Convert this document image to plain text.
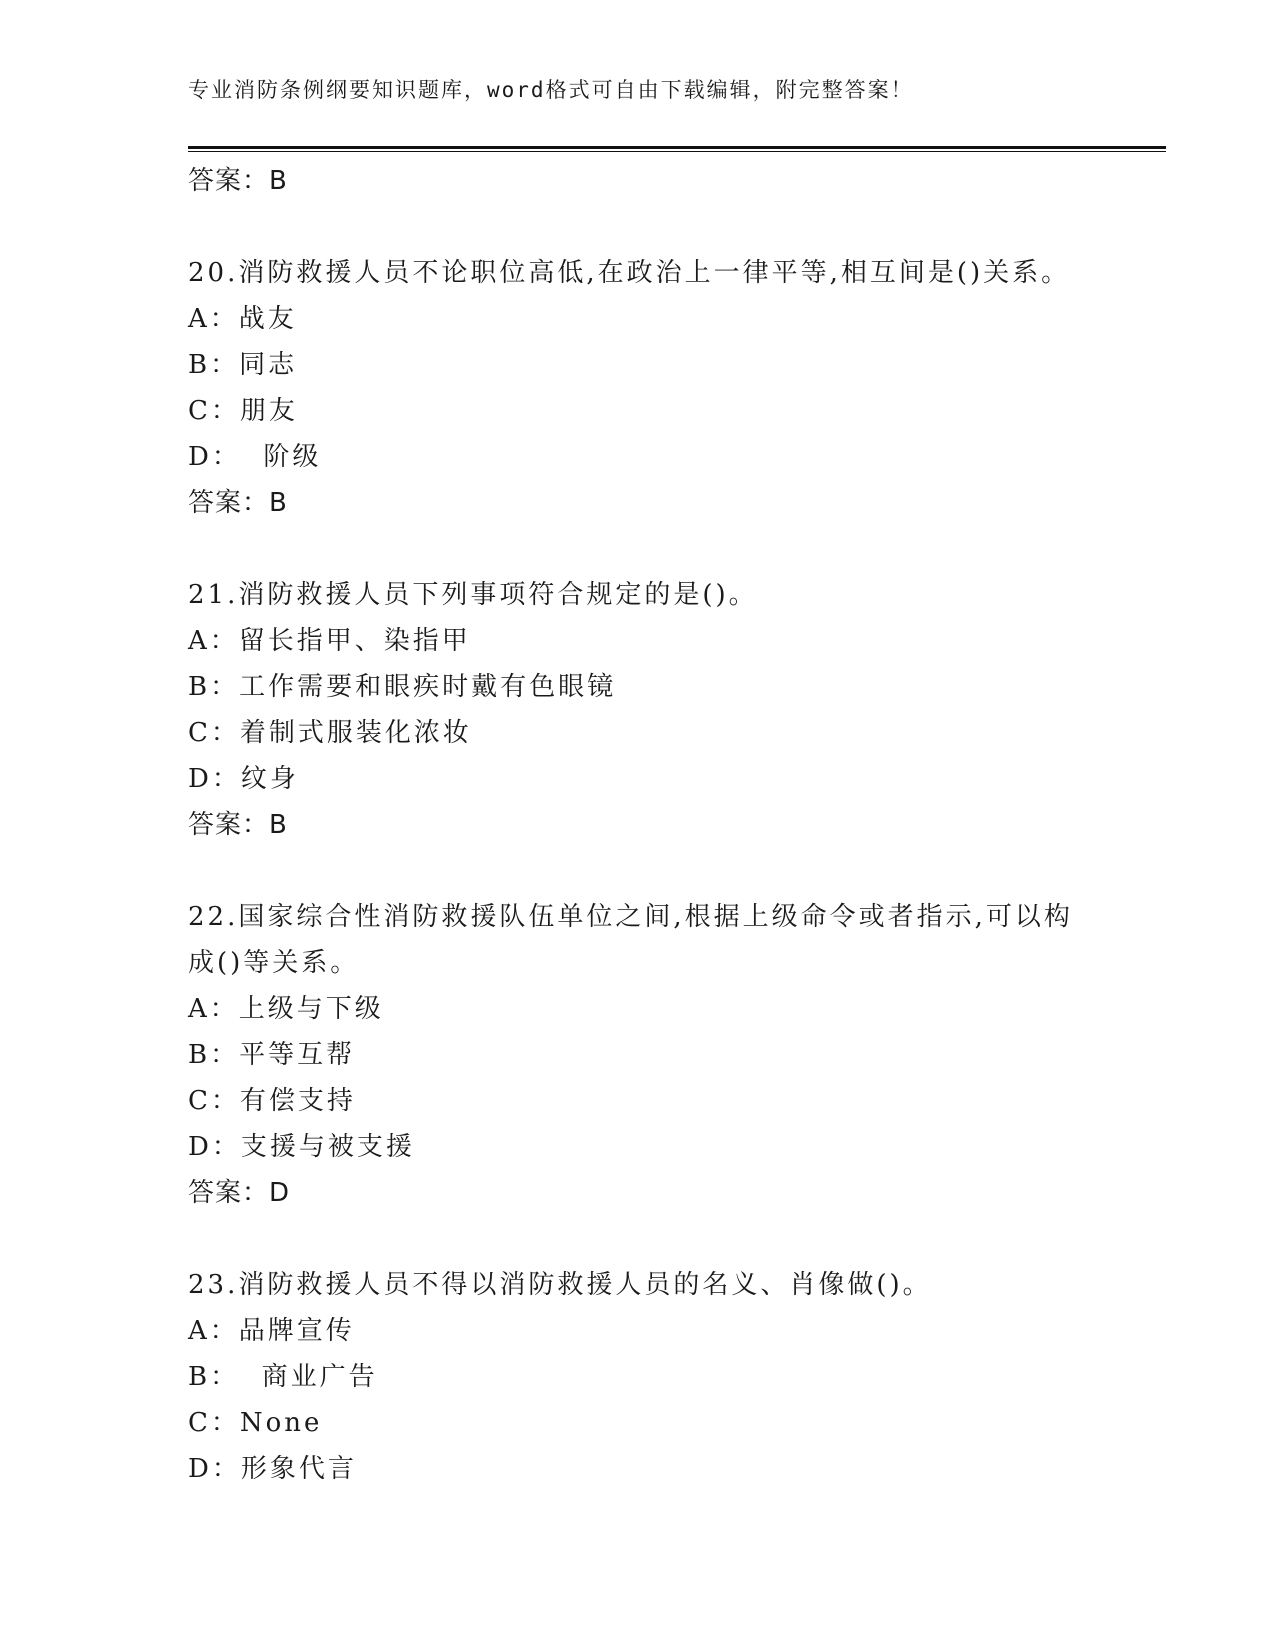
专业消防条例纲要知识题库，word格式可自由下载编辑，附完整答案！
答案：B
20.消防救援人员不论职位高低,在政治上一律平等,相互间是()关系。
A：战友
B：同志
C：朋友
D：  阶级
答案：B
21.消防救援人员下列事项符合规定的是()。
A：留长指甲、染指甲
B：工作需要和眼疾时戴有色眼镜
C：着制式服装化浓妆
D：纹身
答案：B
22.国家综合性消防救援队伍单位之间,根据上级命令或者指示,可以构
成()等关系。
A：上级与下级
B：平等互帮
C：有偿支持
D：支援与被支援
答案：D
23.消防救援人员不得以消防救援人员的名义、肖像做()。
A：品牌宣传
B：  商业广告
C：None
D：形象代言
